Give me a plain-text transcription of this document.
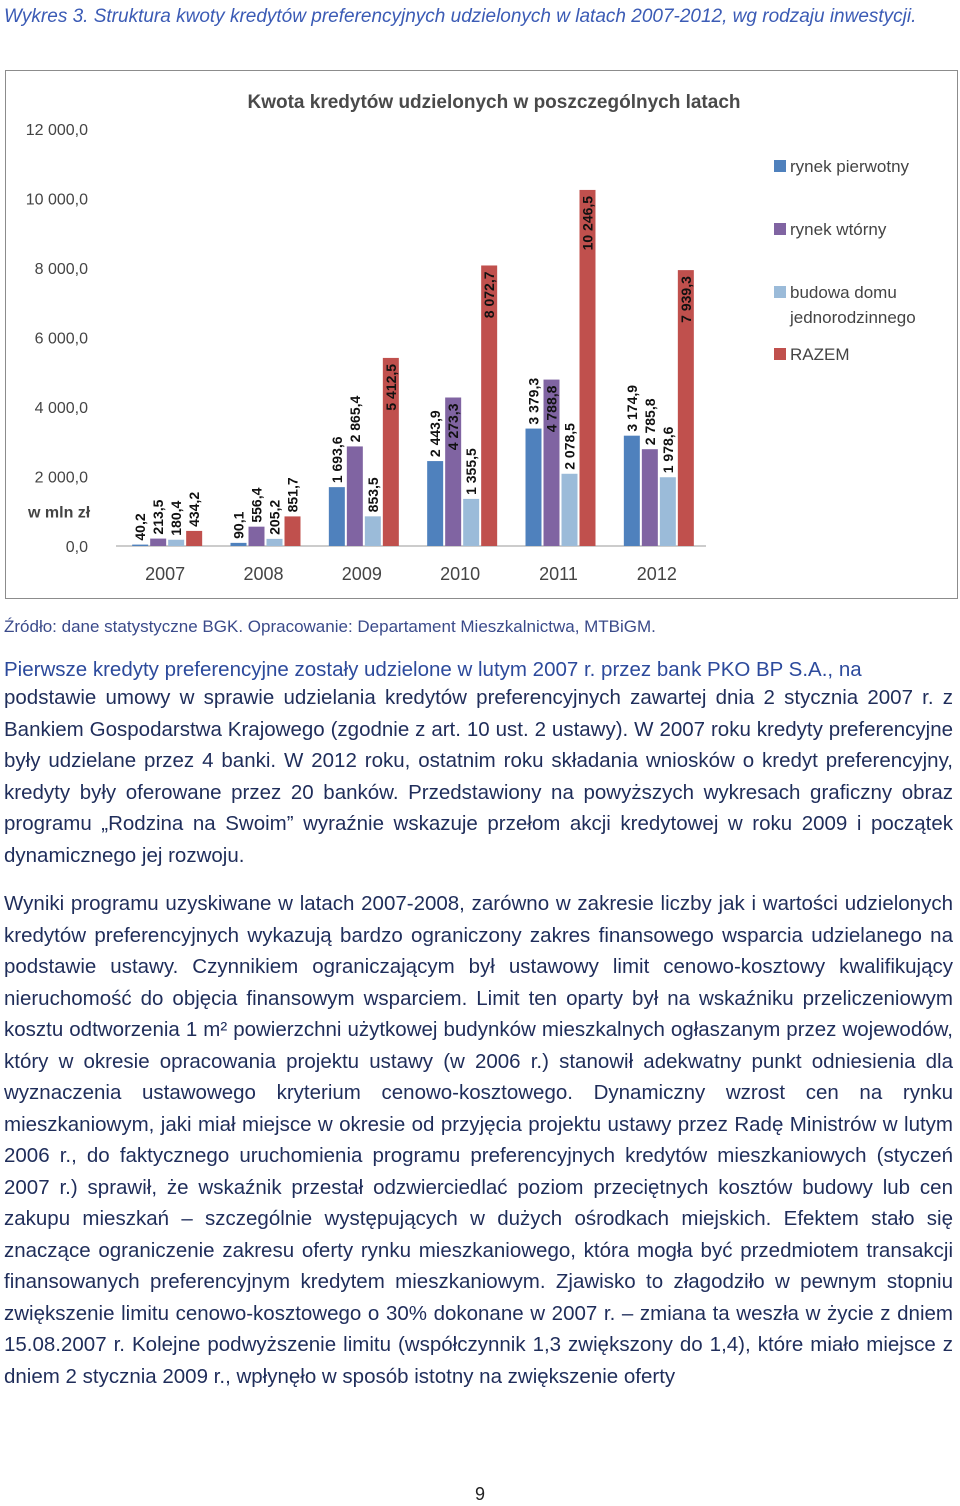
Wykres 3. Struktura kwoty kredytów preferencyjnych udzielonych w latach 2007-2012, wg rodzaju inwestycji.

Kwota kredytów udzielonych w poszczególnych latach
0,0
2 000,0
4 000,0
6 000,0
8 000,0
10 000,0
12 000,0
w mln zł
40,2 213,5 180,4 434,2
2007
90,1
556,4 205,2
851,7
2008
1 693,6
2 865,4
853,5
5 412,5
2009
2 443,9 4 273,3
1 355,5
8 072,7
2010
3 379,3 4 788,8
2 078,5
10 246,5
2011
3 174,9 2 785,8
1 978,6
7 939,3
2012
rynek pierwotny
rynek wtórny
budowa domu
jednorodzinnego
RAZEM

Źródło: dane statystyczne BGK. Opracowanie: Departament Mieszkalnictwa, MTBiGM.

Pierwsze kredyty preferencyjne zostały udzielone w lutym 2007 r. przez bank PKO BP S.A., na

podstawie umowy w sprawie udzielania kredytów preferencyjnych zawartej dnia 2 stycznia 2007 r. z Bankiem Gospodarstwa Krajowego (zgodnie z art. 10 ust. 2 ustawy). W 2007 roku kredyty preferencyjne były udzielane przez 4 banki. W 2012 roku, ostatnim roku składania wniosków o kredyt preferencyjny, kredyty były oferowane przez 20 banków. Przedstawiony na powyższych wykresach graficzny obraz programu „Rodzina na Swoim” wyraźnie wskazuje przełom akcji kredytowej w roku 2009 i początek dynamicznego jej rozwoju.

Wyniki programu uzyskiwane w latach 2007-2008, zarówno w zakresie liczby jak i wartości udzielonych kredytów preferencyjnych wykazują bardzo ograniczony zakres finansowego wsparcia udzielanego na podstawie ustawy. Czynnikiem ograniczającym był ustawowy limit cenowo-kosztowy kwalifikujący nieruchomość do objęcia finansowym wsparciem. Limit ten oparty był na wskaźniku przeliczeniowym kosztu odtworzenia 1 m² powierzchni użytkowej budynków mieszkalnych ogłaszanym przez wojewodów, który w okresie opracowania projektu ustawy (w 2006 r.) stanowił adekwatny punkt odniesienia dla wyznaczenia ustawowego kryterium cenowo-kosztowego. Dynamiczny wzrost cen na rynku mieszkaniowym, jaki miał miejsce w okresie od przyjęcia projektu ustawy przez Radę Ministrów w lutym 2006 r., do faktycznego uruchomienia programu preferencyjnych kredytów mieszkaniowych (styczeń 2007 r.) sprawił, że wskaźnik przestał odzwierciedlać poziom przeciętnych kosztów budowy lub cen zakupu mieszkań – szczególnie występujących w dużych ośrodkach miejskich. Efektem stało się znaczące ograniczenie zakresu oferty rynku mieszkaniowego, która mogła być przedmiotem transakcji finansowanych preferencyjnym kredytem mieszkaniowym. Zjawisko to złagodziło w pewnym stopniu zwiększenie limitu cenowo-kosztowego o 30% dokonane w 2007 r. – zmiana ta weszła w życie z dniem 15.08.2007 r. Kolejne podwyższenie limitu (współczynnik 1,3 zwiększony do 1,4), które miało miejsce z dniem 2 stycznia 2009 r., wpłynęło w sposób istotny na zwiększenie oferty

9
